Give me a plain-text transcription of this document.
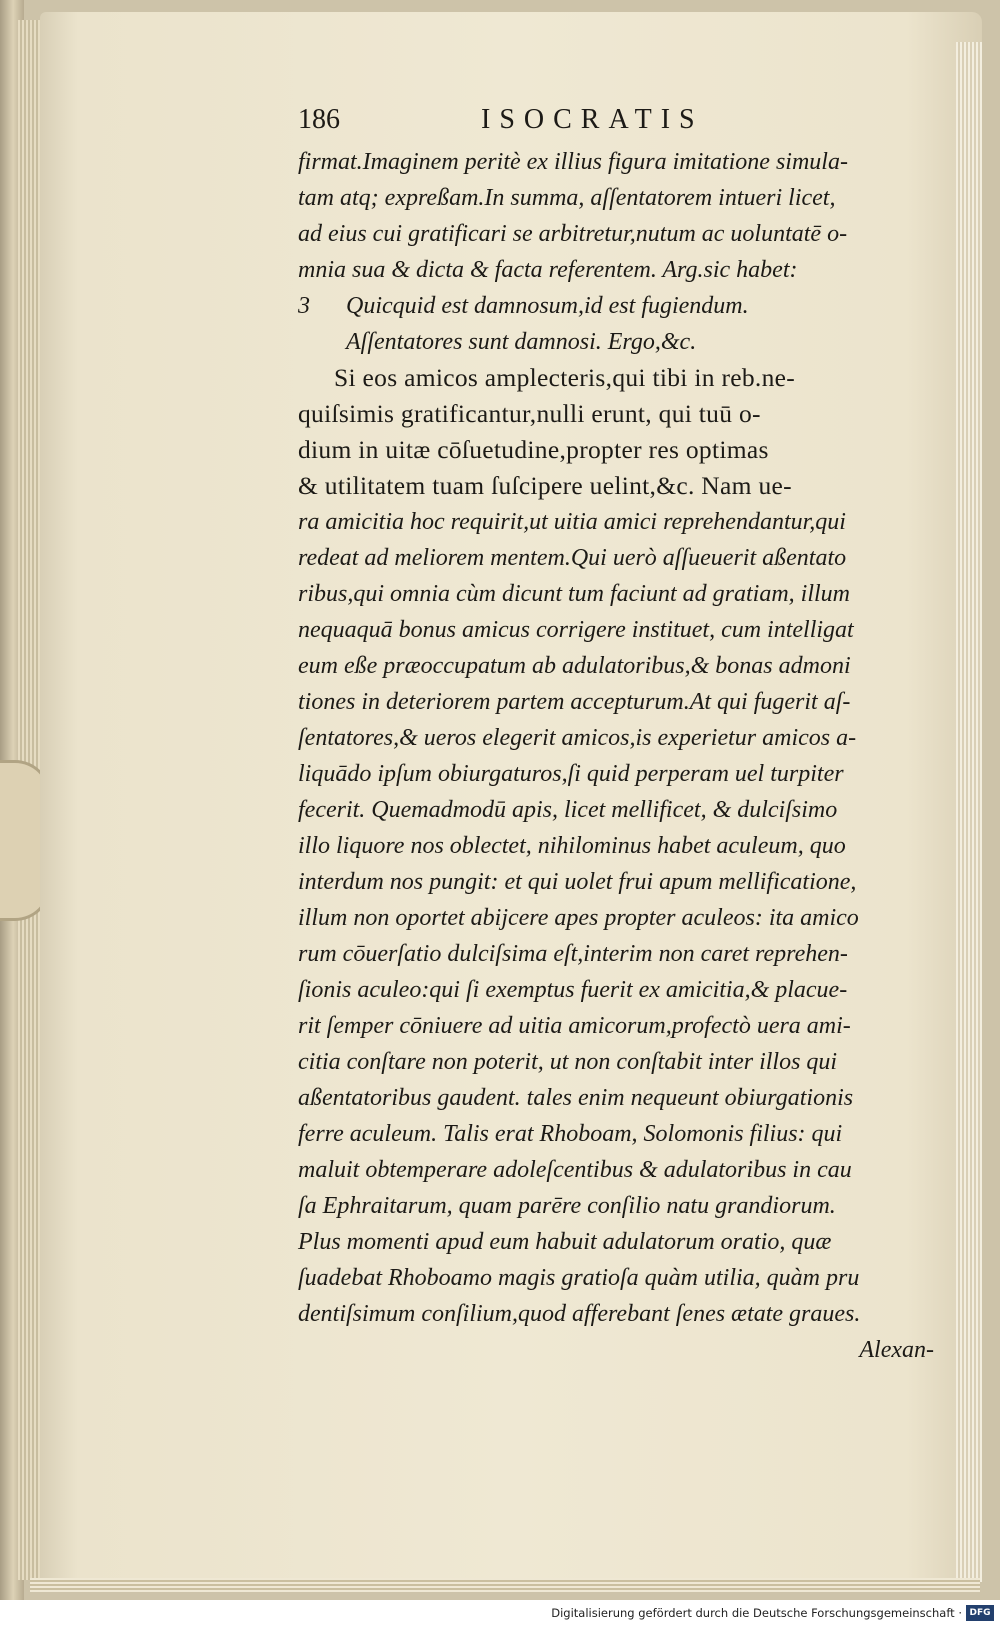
186	ISOCRATIS
firmat.Imaginem peritè ex illius figura imitatione simula-
tam atq; expreßam.In summa, aſſentatorem intueri licet,
ad eius cui gratificari se arbitretur,nutum ac uoluntatē o-
mnia sua & dicta & facta referentem. Arg.sic habet:
3 Quicquid est damnosum,id est fugiendum.
Aſſentatores sunt damnosi. Ergo,&c.
Si eos amicos amplecteris,qui tibi in reb.ne-
quiſsimis gratificantur,nulli erunt, qui tuū o-
dium in uitæ cōſuetudine,propter res optimas
& utilitatem tuam ſuſcipere uelint,&c. Nam ue-
ra amicitia hoc requirit,ut uitia amici reprehendantur,qui
redeat ad meliorem mentem.Qui uerò aſſueuerit aßentato
ribus,qui omnia cùm dicunt tum faciunt ad gratiam, illum
nequaquā bonus amicus corrigere instituet, cum intelligat
eum eße præoccupatum ab adulatoribus,& bonas admoni
tiones in deteriorem partem accepturum.At qui fugerit aſ-
ſentatores,& ueros elegerit amicos,is experietur amicos a-
liquādo ipſum obiurgaturos,ſi quid perperam uel turpiter
fecerit. Quemadmodū apis, licet mellificet, & dulciſsimo
illo liquore nos oblectet, nihilominus habet aculeum, quo
interdum nos pungit: et qui uolet frui apum mellificatione,
illum non oportet abijcere apes propter aculeos: ita amico
rum cōuerſatio dulciſsima eſt,interim non caret reprehen-
ſionis aculeo:qui ſi exemptus fuerit ex amicitia,& placue-
rit ſemper cōniuere ad uitia amicorum,profectò uera ami-
citia conſtare non poterit, ut non conſtabit inter illos qui
aßentatoribus gaudent. tales enim nequeunt obiurgationis
ferre aculeum. Talis erat Rhoboam, Solomonis filius: qui
maluit obtemperare adoleſcentibus & adulatoribus in cau
ſa Ephraitarum, quam parēre conſilio natu grandiorum.
Plus momenti apud eum habuit adulatorum oratio, quæ
ſuadebat Rhoboamo magis gratioſa quàm utilia, quàm pru
dentiſsimum conſilium,quod afferebant ſenes ætate graues.
Alexan-
Digitalisierung gefördert durch die Deutsche Forschungsgemeinschaft · DFG
